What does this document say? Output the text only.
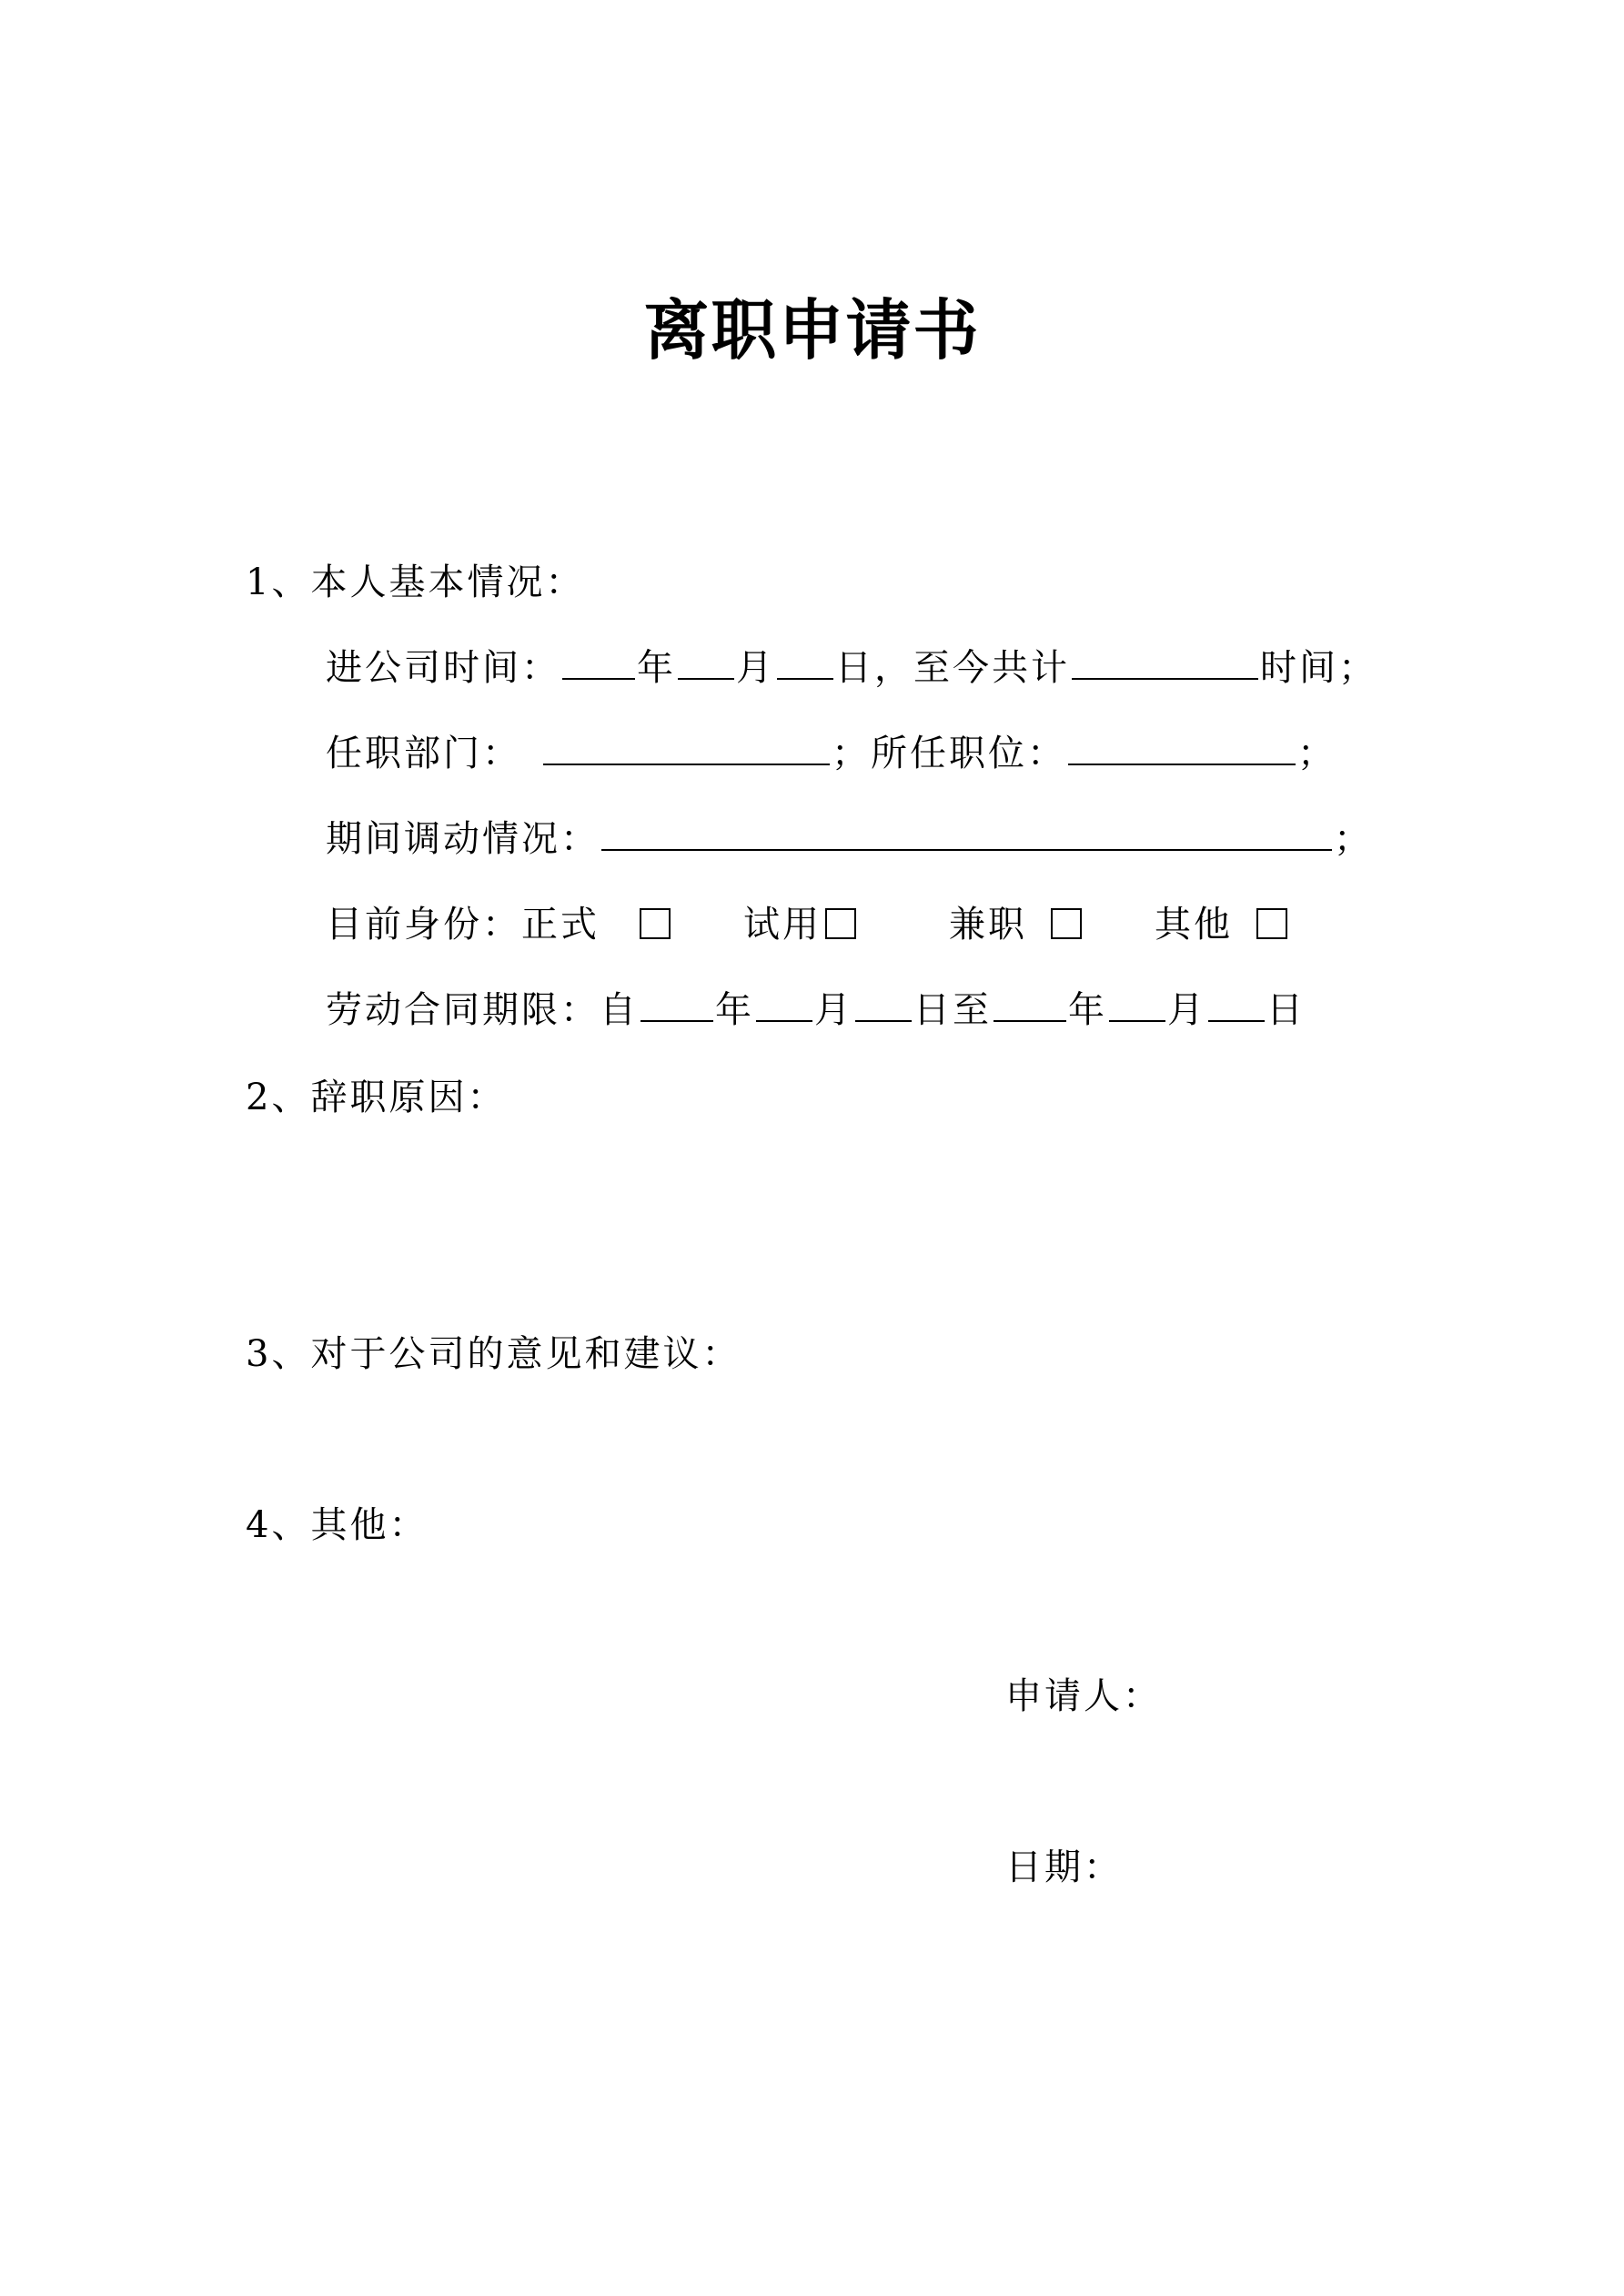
离职申请书
1、本人基本情况：
进公司时间： 年 月 日，至今共计	时间；
任职部门：	；所任职位：	；
期间调动情况：	；
目前身份：正式	试用	兼职	其他
劳动合同期限：自 年 月 日至 年 月 日
2、辞职原因：
3、对于公司的意见和建议：
4、其他：
申请人：
日期：
